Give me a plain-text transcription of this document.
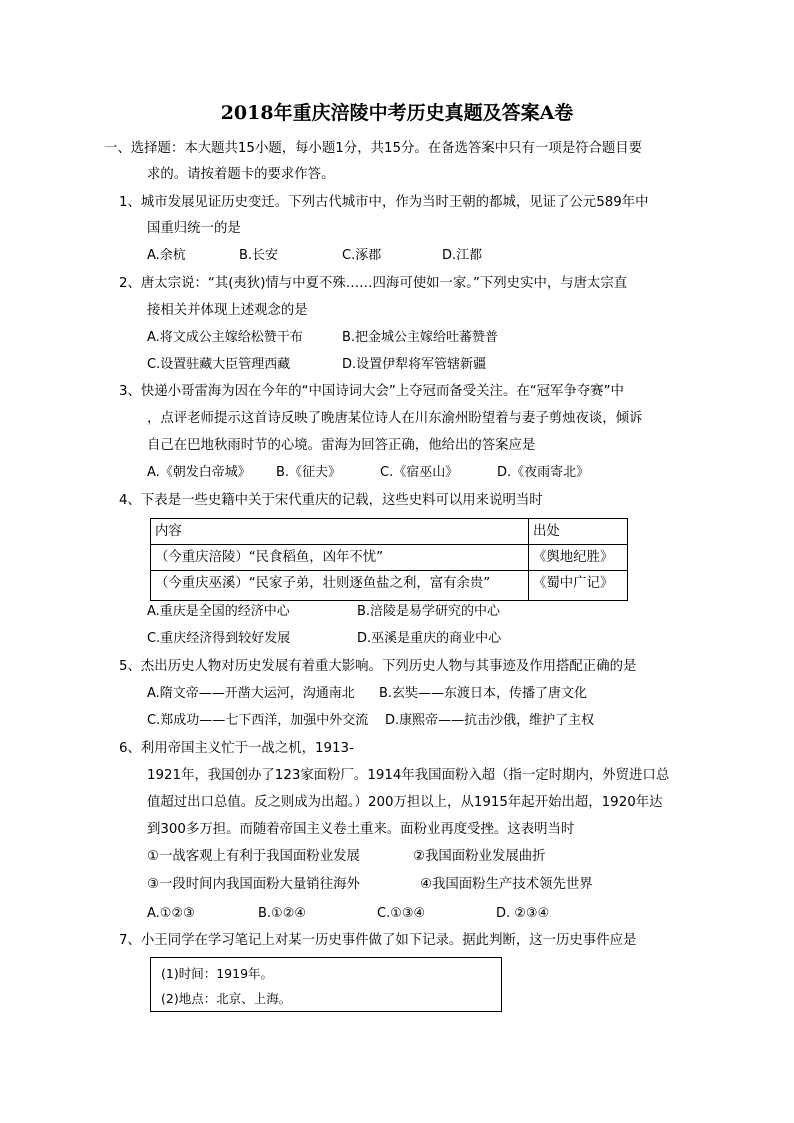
2018年重庆涪陵中考历史真题及答案A卷
一、选择题：本大题共15小题，每小题1分，共15分。在备选答案中只有一项是符合题目要
求的。请按着题卡的要求作答。
1、城市发展见证历史变迁。下列古代城市中，作为当时王朝的都城，见证了公元589年中
国重归统一的是
A.余杭	B.长安	C.涿郡	D.江都
2、唐太宗说：“其(夷狄)情与中夏不殊……四海可使如一家。”下列史实中，与唐太宗直
接相关并体现上述观念的是
A.将文成公主嫁给松赞干布	B.把金城公主嫁给吐蕃赞普
C.设置驻藏大臣管理西藏	D.设置伊犁将军管辖新疆
3、快递小哥雷海为因在今年的“中国诗词大会”上夺冠而备受关注。在“冠军争夺赛”中
，点评老师提示这首诗反映了晚唐某位诗人在川东渝州盼望着与妻子剪烛夜谈，倾诉
自己在巴地秋雨时节的心境。雷海为回答正确，他给出的答案应是
A.《朝发白帝城》 B.《征夫》	C.《宿巫山》	D.《夜雨寄北》
4、下表是一些史籍中关于宋代重庆的记载，这些史料可以用来说明当时
内容	出处
（今重庆涪陵）“民食稻鱼，凶年不忧”	《舆地纪胜》
（今重庆巫溪）“民家子弟，壮则逐鱼盐之利，富有余贵”	《蜀中广记》
A.重庆是全国的经济中心	B.涪陵是易学研究的中心
C.重庆经济得到较好发展	D.巫溪是重庆的商业中心
5、杰出历史人物对历史发展有着重大影响。下列历史人物与其事迹及作用搭配正确的是
A.隋文帝——开凿大运河，沟通南北 B.玄奘——东渡日本，传播了唐文化
C.郑成功——七下西洋，加强中外交流 D.康熙帝——抗击沙俄，维护了主权
6、利用帝国主义忙于一战之机，1913-
1921年，我国创办了123家面粉厂。1914年我国面粉入超（指一定时期内，外贸进口总
值超过出口总值。反之则成为出超。）200万担以上，从1915年起开始出超，1920年达
到300多万担。而随着帝国主义卷土重来。面粉业再度受挫。这表明当时
①一战客观上有利于我国面粉业发展	②我国面粉业发展曲折
③一段时间内我国面粉大量销往海外	④我国面粉生产技术领先世界
A.①②③	B.①②④	C.①③④	D. ②③④
7、小王同学在学习笔记上对某一历史事件做了如下记录。据此判断，这一历史事件应是
(1)时间：1919年。
(2)地点：北京、上海。
